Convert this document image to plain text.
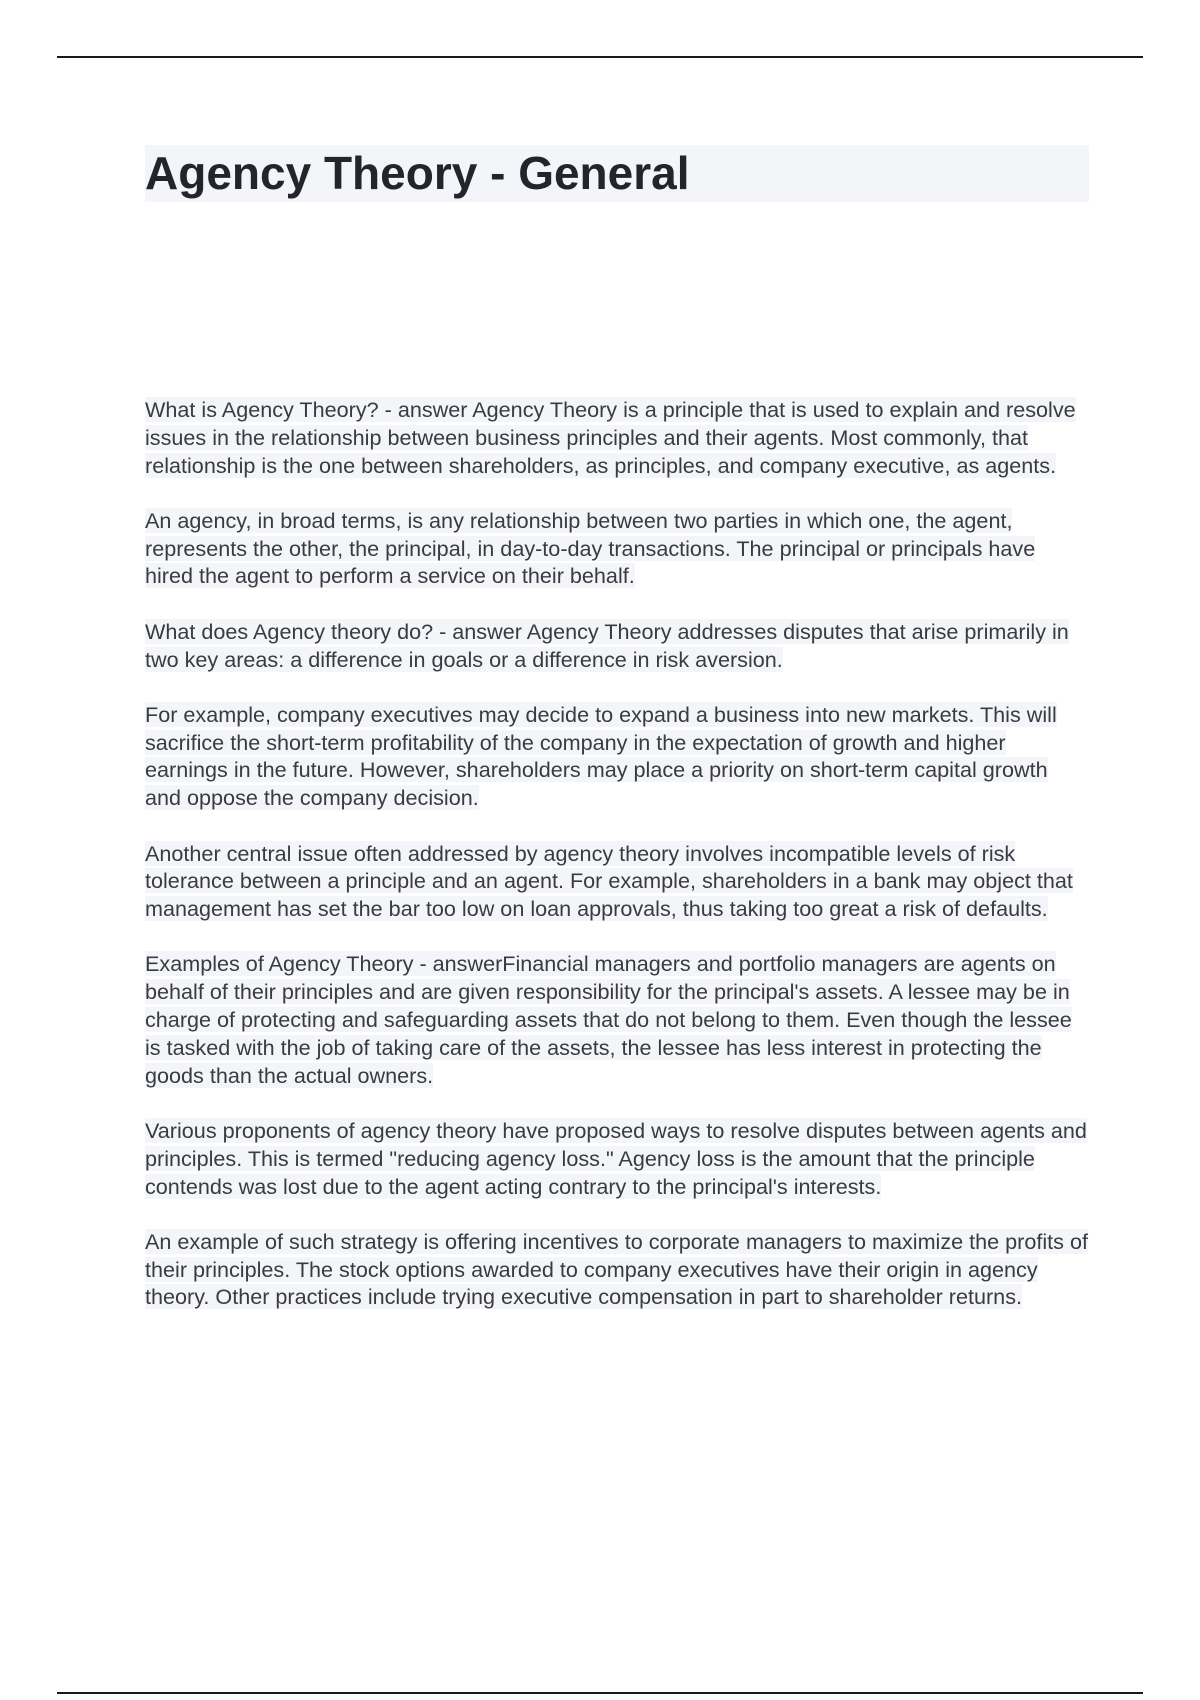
Agency Theory - General

What is Agency Theory? - answer Agency Theory is a principle that is used to explain and resolve issues in the relationship between business principles and their agents. Most commonly, that relationship is the one between shareholders, as principles, and company executive, as agents.

An agency, in broad terms, is any relationship between two parties in which one, the agent, represents the other, the principal, in day-to-day transactions. The principal or principals have hired the agent to perform a service on their behalf.

What does Agency theory do? - answer Agency Theory addresses disputes that arise primarily in two key areas: a difference in goals or a difference in risk aversion.

For example, company executives may decide to expand a business into new markets. This will sacrifice the short-term profitability of the company in the expectation of growth and higher earnings in the future. However, shareholders may place a priority on short-term capital growth and oppose the company decision.

Another central issue often addressed by agency theory involves incompatible levels of risk tolerance between a principle and an agent. For example, shareholders in a bank may object that management has set the bar too low on loan approvals, thus taking too great a risk of defaults.

Examples of Agency Theory - answerFinancial managers and portfolio managers are agents on behalf of their principles and are given responsibility for the principal's assets. A lessee may be in charge of protecting and safeguarding assets that do not belong to them. Even though the lessee is tasked with the job of taking care of the assets, the lessee has less interest in protecting the goods than the actual owners.

Various proponents of agency theory have proposed ways to resolve disputes between agents and principles. This is termed "reducing agency loss." Agency loss is the amount that the principle contends was lost due to the agent acting contrary to the principal's interests.

An example of such strategy is offering incentives to corporate managers to maximize the profits of their principles. The stock options awarded to company executives have their origin in agency theory. Other practices include trying executive compensation in part to shareholder returns.
